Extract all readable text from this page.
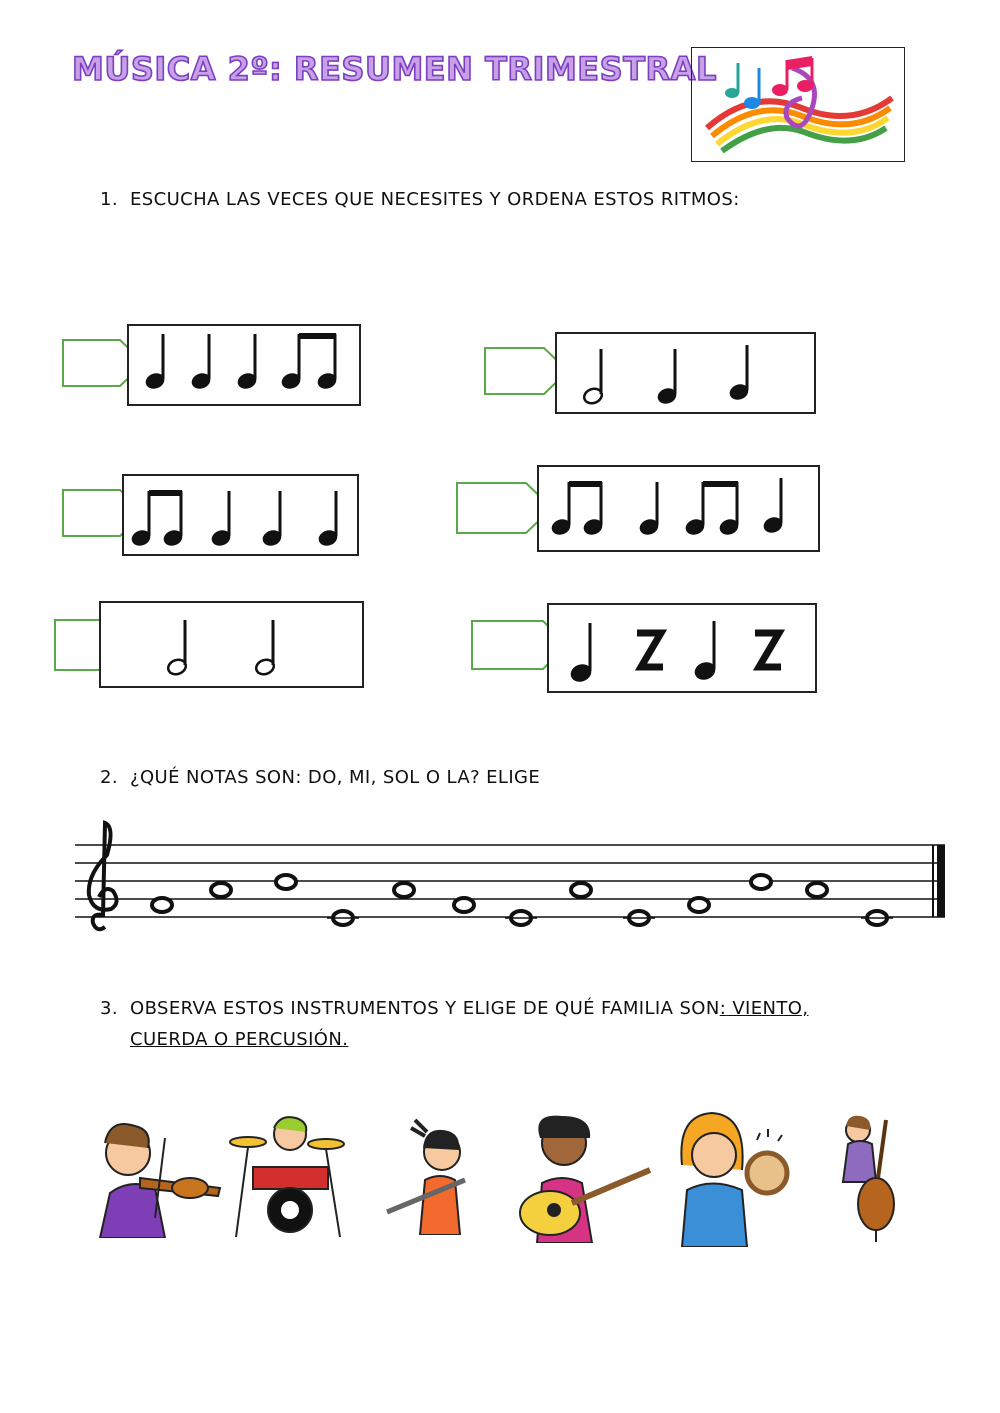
MÚSICA 2º: RESUMEN TRIMESTRAL
1. ESCUCHA LAS VECES QUE NECESITES Y ORDENA ESTOS RITMOS:
2. ¿QUÉ NOTAS SON: DO, MI, SOL O LA? ELIGE
3. OBSERVA ESTOS INSTRUMENTOS Y ELIGE DE QUÉ FAMILIA SON: VIENTO,
CUERDA O PERCUSIÓN.
